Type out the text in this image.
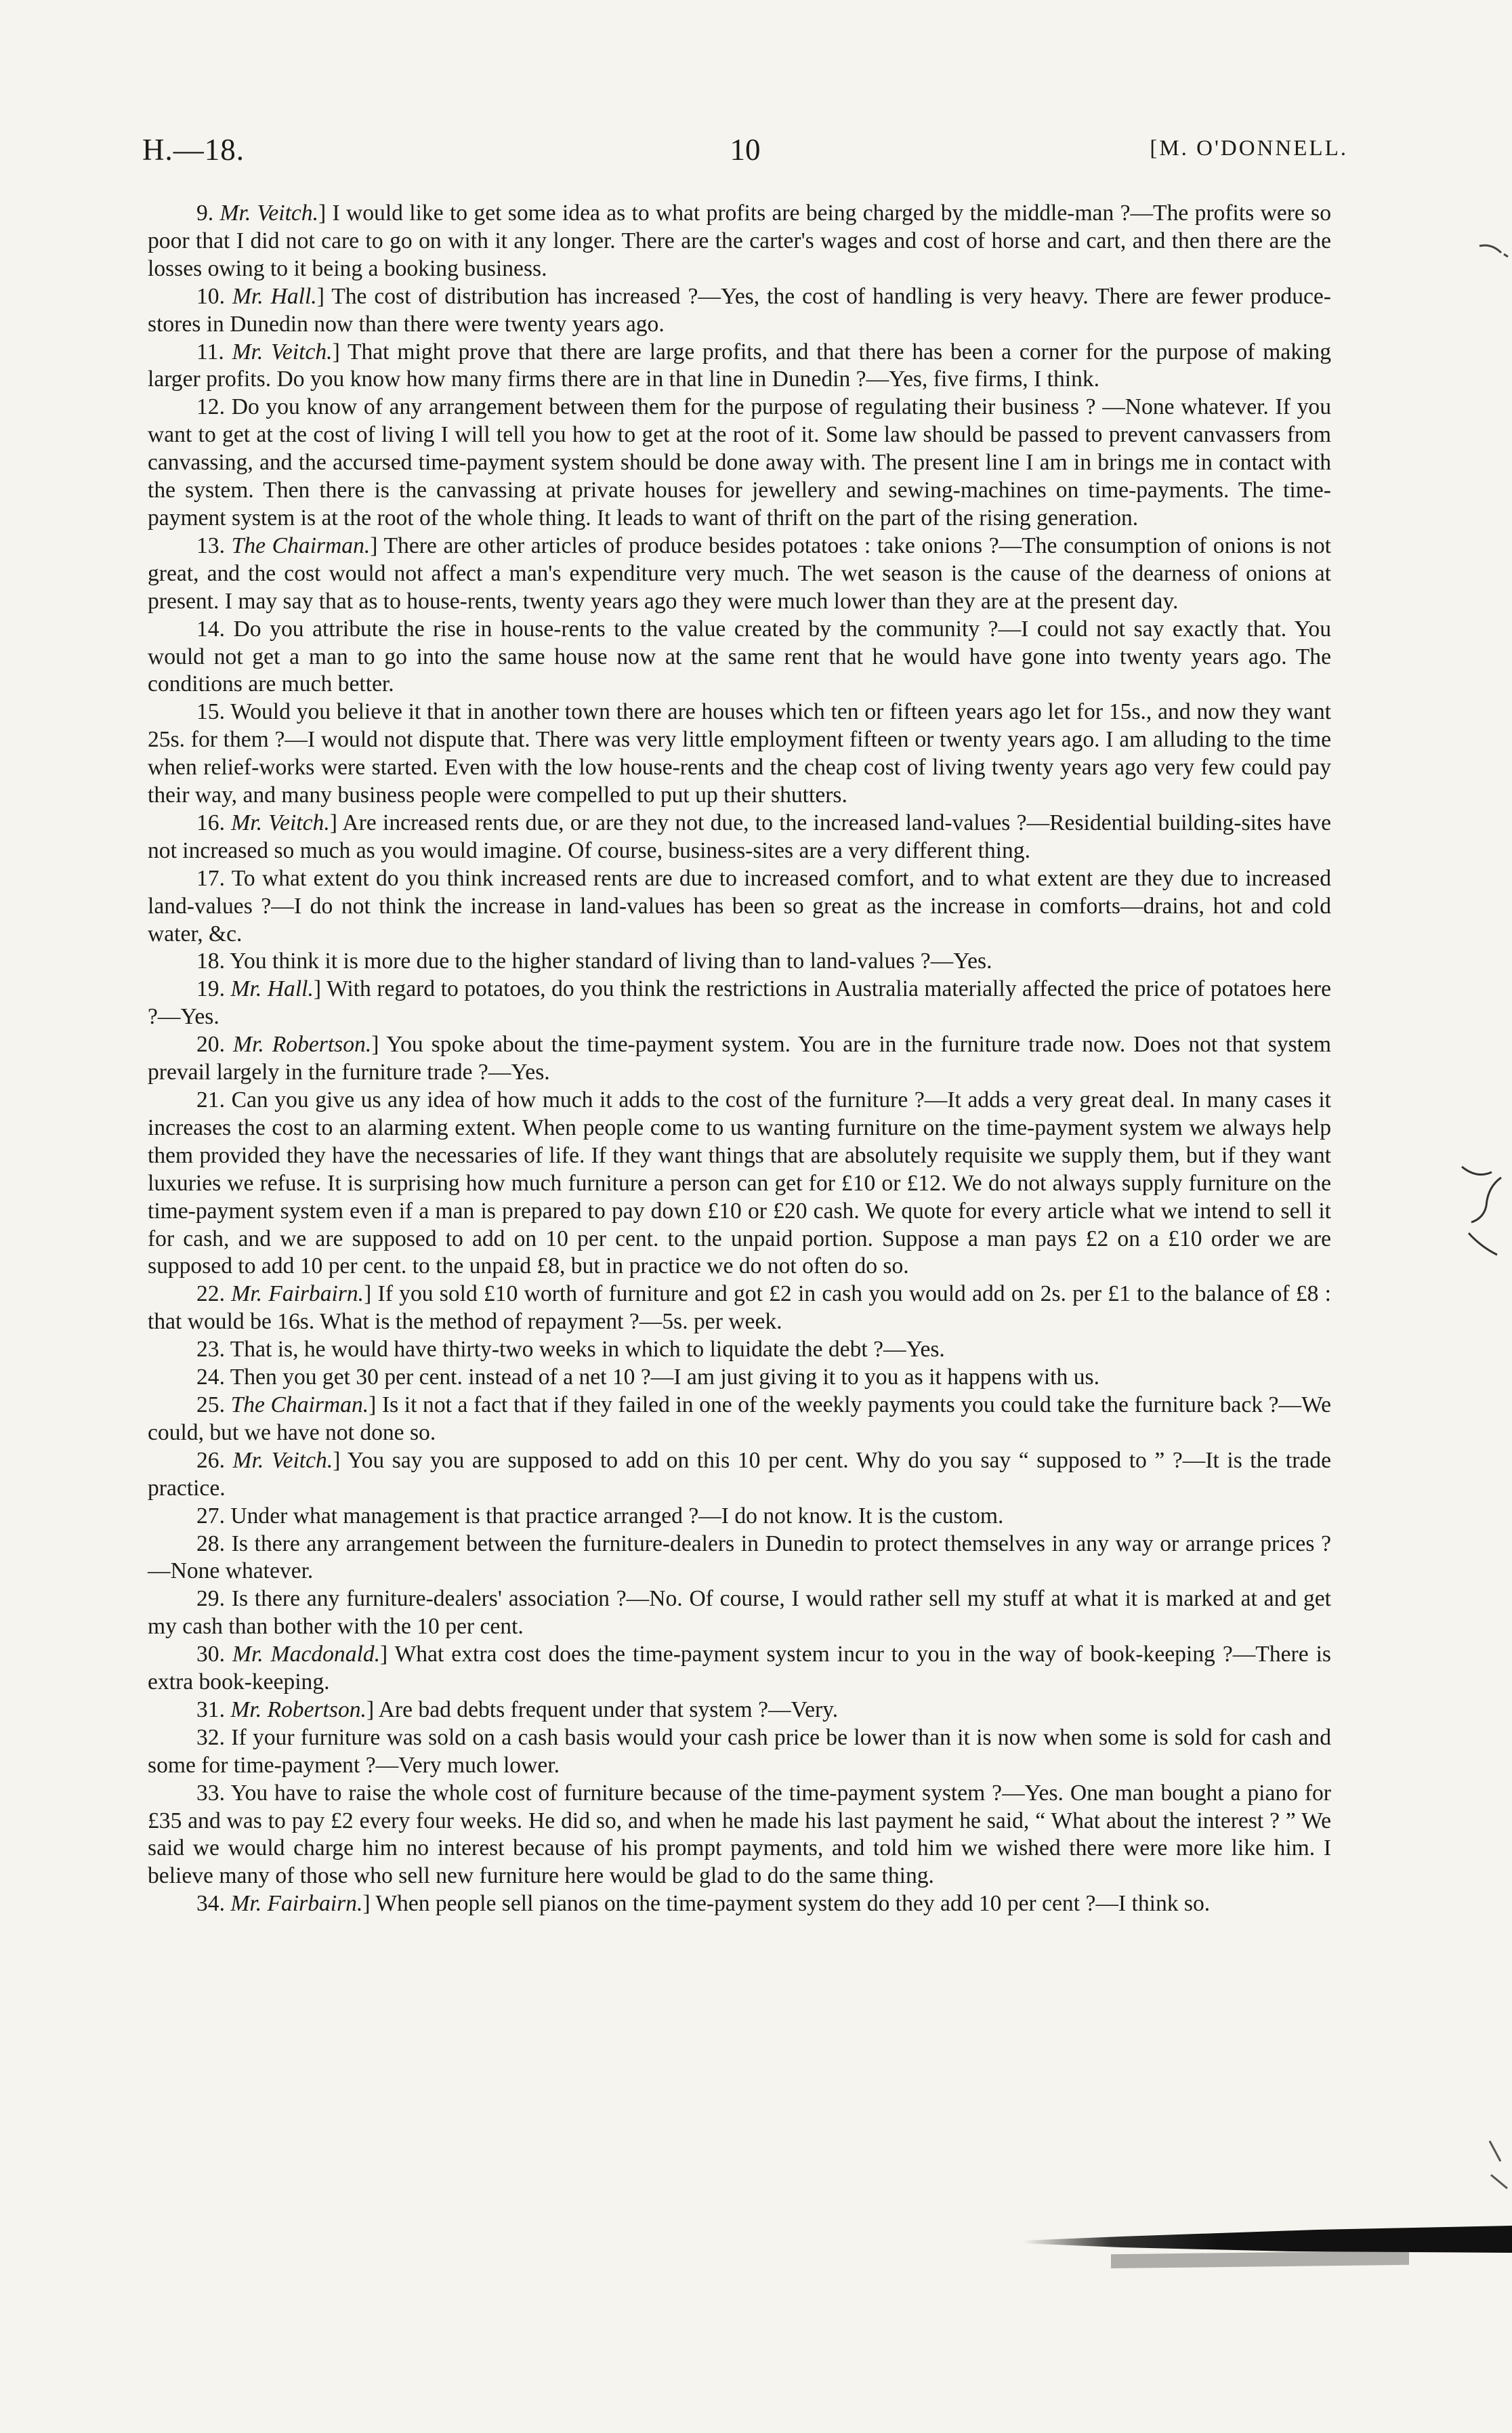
H.—18.	10	[M. O'DONNELL.

9. Mr. Veitch.] I would like to get some idea as to what profits are being charged by the middle-man ?—The profits were so poor that I did not care to go on with it any longer. There are the carter's wages and cost of horse and cart, and then there are the losses owing to it being a booking business.

10. Mr. Hall.] The cost of distribution has increased ?—Yes, the cost of handling is very heavy. There are fewer produce-stores in Dunedin now than there were twenty years ago.

11. Mr. Veitch.] That might prove that there are large profits, and that there has been a corner for the purpose of making larger profits. Do you know how many firms there are in that line in Dunedin ?—Yes, five firms, I think.

12. Do you know of any arrangement between them for the purpose of regulating their business ? —None whatever. If you want to get at the cost of living I will tell you how to get at the root of it. Some law should be passed to prevent canvassers from canvassing, and the accursed time-payment system should be done away with. The present line I am in brings me in contact with the system. Then there is the canvassing at private houses for jewellery and sewing-machines on time-payments. The time-payment system is at the root of the whole thing. It leads to want of thrift on the part of the rising generation.

13. The Chairman.] There are other articles of produce besides potatoes : take onions ?—The consumption of onions is not great, and the cost would not affect a man's expenditure very much. The wet season is the cause of the dearness of onions at present. I may say that as to house-rents, twenty years ago they were much lower than they are at the present day.

14. Do you attribute the rise in house-rents to the value created by the community ?—I could not say exactly that. You would not get a man to go into the same house now at the same rent that he would have gone into twenty years ago. The conditions are much better.

15. Would you believe it that in another town there are houses which ten or fifteen years ago let for 15s., and now they want 25s. for them ?—I would not dispute that. There was very little employment fifteen or twenty years ago. I am alluding to the time when relief-works were started. Even with the low house-rents and the cheap cost of living twenty years ago very few could pay their way, and many business people were compelled to put up their shutters.

16. Mr. Veitch.] Are increased rents due, or are they not due, to the increased land-values ?—Residential building-sites have not increased so much as you would imagine. Of course, business-sites are a very different thing.

17. To what extent do you think increased rents are due to increased comfort, and to what extent are they due to increased land-values ?—I do not think the increase in land-values has been so great as the increase in comforts—drains, hot and cold water, &c.

18. You think it is more due to the higher standard of living than to land-values ?—Yes.

19. Mr. Hall.] With regard to potatoes, do you think the restrictions in Australia materially affected the price of potatoes here ?—Yes.

20. Mr. Robertson.] You spoke about the time-payment system. You are in the furniture trade now. Does not that system prevail largely in the furniture trade ?—Yes.

21. Can you give us any idea of how much it adds to the cost of the furniture ?—It adds a very great deal. In many cases it increases the cost to an alarming extent. When people come to us wanting furniture on the time-payment system we always help them provided they have the necessaries of life. If they want things that are absolutely requisite we supply them, but if they want luxuries we refuse. It is surprising how much furniture a person can get for £10 or £12. We do not always supply furniture on the time-payment system even if a man is prepared to pay down £10 or £20 cash. We quote for every article what we intend to sell it for cash, and we are supposed to add on 10 per cent. to the unpaid portion. Suppose a man pays £2 on a £10 order we are supposed to add 10 per cent. to the unpaid £8, but in practice we do not often do so.

22. Mr. Fairbairn.] If you sold £10 worth of furniture and got £2 in cash you would add on 2s. per £1 to the balance of £8 : that would be 16s. What is the method of repayment ?—5s. per week.

23. That is, he would have thirty-two weeks in which to liquidate the debt ?—Yes.

24. Then you get 30 per cent. instead of a net 10 ?—I am just giving it to you as it happens with us.

25. The Chairman.] Is it not a fact that if they failed in one of the weekly payments you could take the furniture back ?—We could, but we have not done so.

26. Mr. Veitch.] You say you are supposed to add on this 10 per cent. Why do you say “ supposed to ” ?—It is the trade practice.

27. Under what management is that practice arranged ?—I do not know. It is the custom.

28. Is there any arrangement between the furniture-dealers in Dunedin to protect themselves in any way or arrange prices ?—None whatever.

29. Is there any furniture-dealers' association ?—No. Of course, I would rather sell my stuff at what it is marked at and get my cash than bother with the 10 per cent.

30. Mr. Macdonald.] What extra cost does the time-payment system incur to you in the way of book-keeping ?—There is extra book-keeping.

31. Mr. Robertson.] Are bad debts frequent under that system ?—Very.

32. If your furniture was sold on a cash basis would your cash price be lower than it is now when some is sold for cash and some for time-payment ?—Very much lower.

33. You have to raise the whole cost of furniture because of the time-payment system ?—Yes. One man bought a piano for £35 and was to pay £2 every four weeks. He did so, and when he made his last payment he said, “ What about the interest ? ” We said we would charge him no interest because of his prompt payments, and told him we wished there were more like him. I believe many of those who sell new furniture here would be glad to do the same thing.

34. Mr. Fairbairn.] When people sell pianos on the time-payment system do they add 10 per cent ?—I think so.
